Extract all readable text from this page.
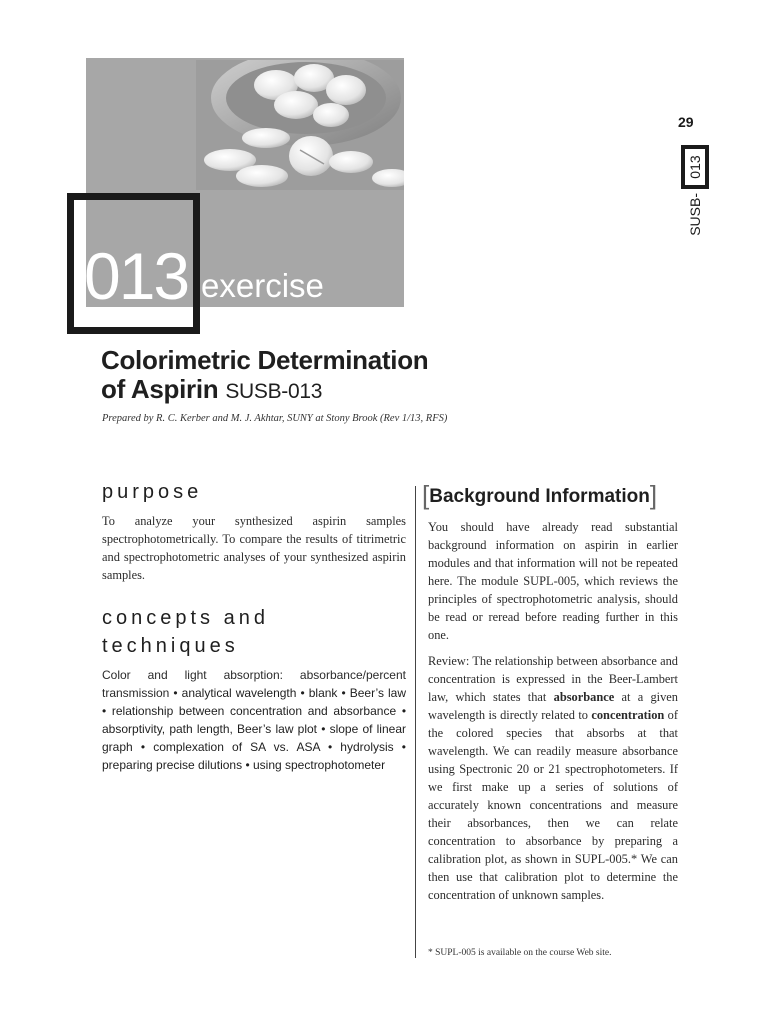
013 exercise
29
SUSB-
013
Colorimetric Determination
of Aspirin SUSB-013
Prepared by R. C. Kerber and M. J. Akhtar, SUNY at Stony Brook (Rev 1/13, RFS)
purpose

To analyze your synthesized aspirin samples spectrophotometrically. To compare the results of titrimetric and spectrophotometric analyses of your synthesized aspirin samples.

concepts and
techniques

Color and light absorption: absorbance/percent transmission • analytical wavelength • blank • Beer’s law • relationship between concentration and absorbance • absorptivity, path length, Beer’s law plot • slope of linear graph • complexation of SA vs. ASA • hydrolysis • preparing precise dilutions • using spectrophotometer

[Background Information]

You should have already read substantial background information on aspirin in earlier modules and that information will not be repeated here. The module SUPL-005, which reviews the principles of spectrophotometric analysis, should be read or reread before reading further in this one.

Review: The relationship between absorbance and concentration is expressed in the Beer-Lambert law, which states that absorbance at a given wavelength is directly related to concentration of the colored species that absorbs at that wavelength. We can readily measure absorbance using Spectronic 20 or 21 spectrophotometers. If we first make up a series of solutions of accurately known concentrations and measure their absorbances, then we can relate concentration to absorbance by preparing a calibration plot, as shown in SUPL-005.* We can then use that calibration plot to determine the concentration of unknown samples.

* SUPL-005 is available on the course Web site.
